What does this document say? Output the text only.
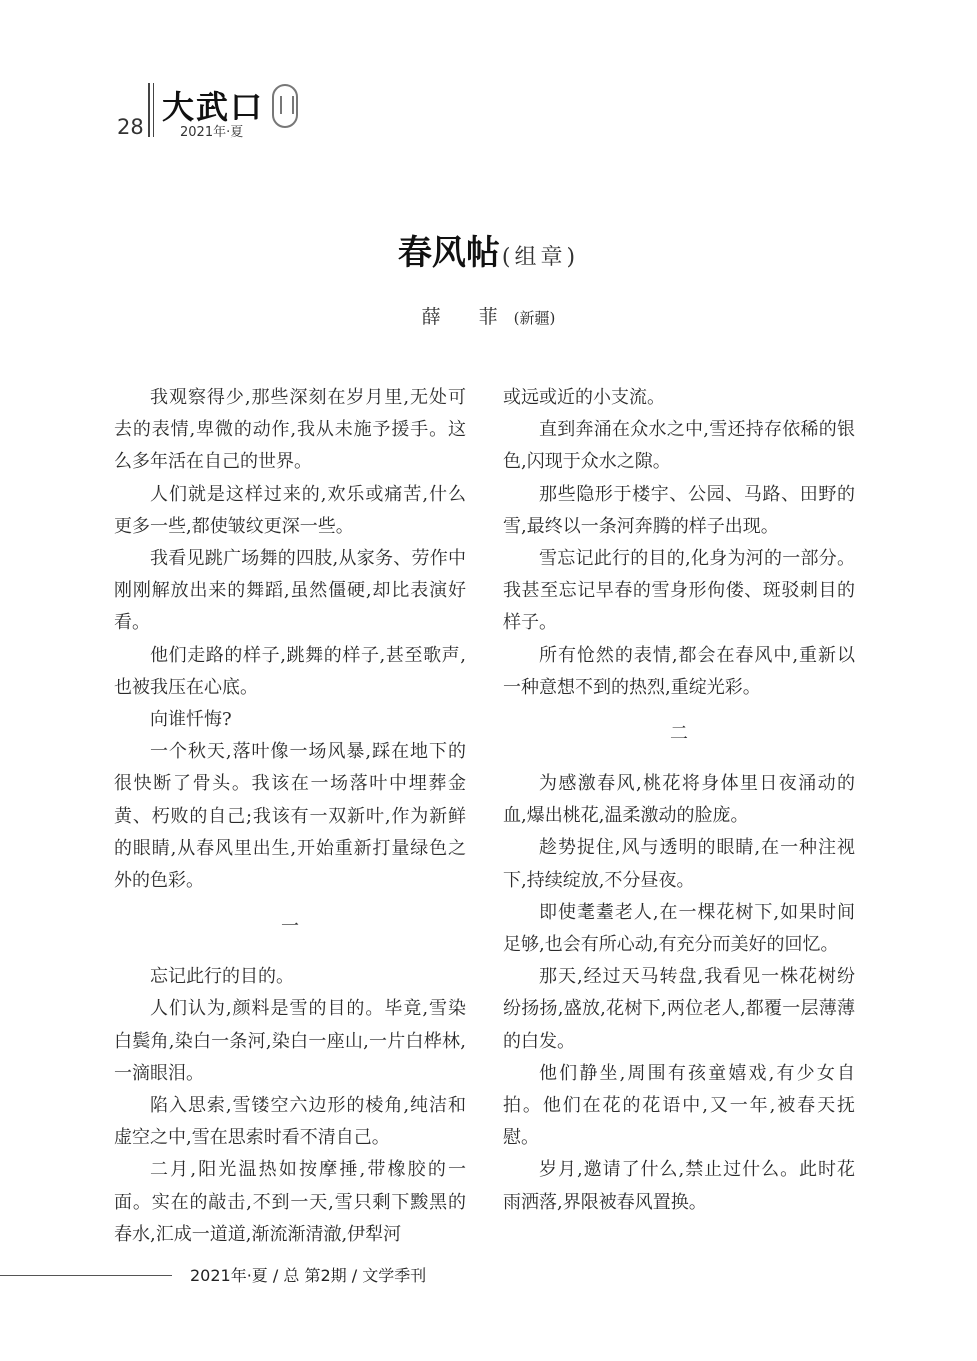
28
大武口
2021年·夏
春风帖(组章)
薛 菲(新疆)

我观察得少,那些深刻在岁月里,无处可去的表情,卑微的动作,我从未施予援手。这么多年活在自己的世界。

人们就是这样过来的,欢乐或痛苦,什么更多一些,都使皱纹更深一些。

我看见跳广场舞的四肢,从家务、劳作中刚刚解放出来的舞蹈,虽然僵硬,却比表演好看。

他们走路的样子,跳舞的样子,甚至歌声,也被我压在心底。

向谁忏悔?

一个秋天,落叶像一场风暴,踩在地下的很快断了骨头。我该在一场落叶中埋葬金黄、朽败的自己;我该有一双新叶,作为新鲜的眼睛,从春风里出生,开始重新打量绿色之外的色彩。

一

忘记此行的目的。

人们认为,颜料是雪的目的。毕竟,雪染白鬓角,染白一条河,染白一座山,一片白桦林,一滴眼泪。

陷入思索,雪镂空六边形的棱角,纯洁和虚空之中,雪在思索时看不清自己。

二月,阳光温热如按摩捶,带橡胶的一面。实在的敲击,不到一天,雪只剩下黢黑的春水,汇成一道道,渐流渐清澈,伊犁河

或远或近的小支流。

直到奔涌在众水之中,雪还持存依稀的银色,闪现于众水之隙。

那些隐形于楼宇、公园、马路、田野的雪,最终以一条河奔腾的样子出现。

雪忘记此行的目的,化身为河的一部分。我甚至忘记早春的雪身形佝偻、斑驳刺目的样子。

所有怆然的表情,都会在春风中,重新以一种意想不到的热烈,重绽光彩。

二

为感激春风,桃花将身体里日夜涌动的血,爆出桃花,温柔激动的脸庞。

趁势捉住,风与透明的眼睛,在一种注视下,持续绽放,不分昼夜。

即使耄耋老人,在一棵花树下,如果时间足够,也会有所心动,有充分而美好的回忆。

那天,经过天马转盘,我看见一株花树纷纷扬扬,盛放,花树下,两位老人,都覆一层薄薄的白发。

他们静坐,周围有孩童嬉戏,有少女自拍。他们在花的花语中,又一年,被春天抚慰。

岁月,邀请了什么,禁止过什么。此时花雨洒落,界限被春风置换。

2021年·夏 / 总 第2期 / 文学季刊
